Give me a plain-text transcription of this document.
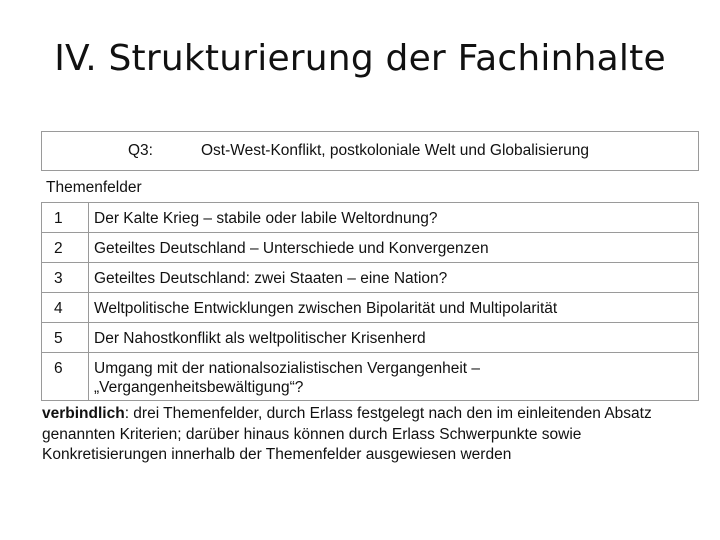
IV. Strukturierung der Fachinhalte
Q3:	Ost-West-Konflikt, postkoloniale Welt und Globalisierung
Themenfelder
1	Der Kalte Krieg – stabile oder labile Weltordnung?
2	Geteiltes Deutschland – Unterschiede und Konvergenzen
3	Geteiltes Deutschland: zwei Staaten – eine Nation?
4	Weltpolitische Entwicklungen zwischen Bipolarität und Multipolarität
5	Der Nahostkonflikt als weltpolitischer Krisenherd
6	Umgang mit der nationalsozialistischen Vergangenheit –
„Vergangenheitsbewältigung“?
verbindlich: drei Themenfelder, durch Erlass festgelegt nach den im einleitenden Absatz genannten Kriterien; darüber hinaus können durch Erlass Schwerpunkte sowie Konkretisierungen innerhalb der Themenfelder ausgewiesen werden
